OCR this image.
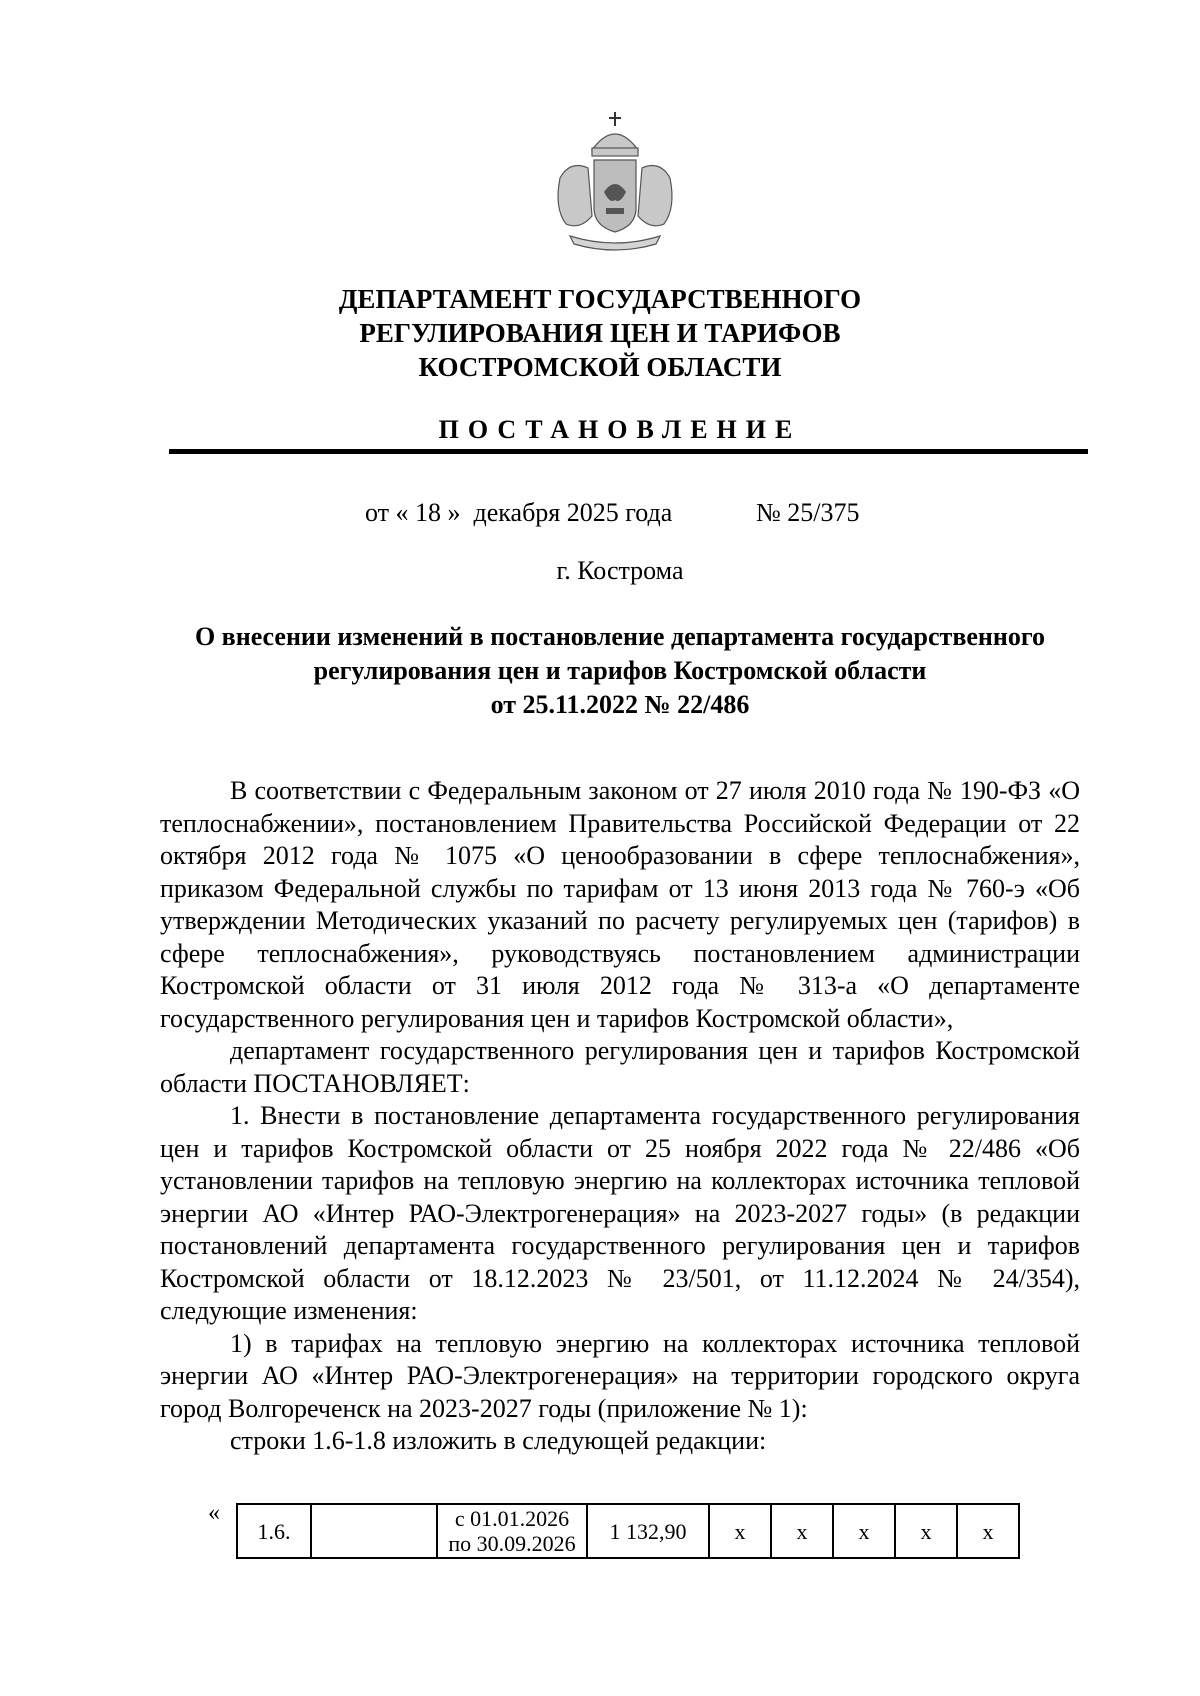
ДЕПАРТАМЕНТ ГОСУДАРСТВЕННОГО
РЕГУЛИРОВАНИЯ ЦЕН И ТАРИФОВ
КОСТРОМСКОЙ ОБЛАСТИ
ПОСТАНОВЛЕНИЕ
от « 18 »  декабря 2025 года	№ 25/375
г. Кострома
О внесении изменений в постановление департамента государственного
регулирования цен и тарифов Костромской области
от 25.11.2022 № 22/486

В соответствии с Федеральным законом от 27 июля 2010 года № 190-ФЗ «О теплоснабжении», постановлением Правительства Российской Федерации от 22 октября 2012 года № 1075 «О ценообразовании в сфере теплоснабжения», приказом Федеральной службы по тарифам от 13 июня 2013 года № 760-э «Об утверждении Методических указаний по расчету регулируемых цен (тарифов) в сфере теплоснабжения», руководствуясь постановлением администрации Костромской области от 31 июля 2012 года № 313-а «О департаменте государственного регулирования цен и тарифов Костромской области»,

департамент государственного регулирования цен и тарифов Костромской области ПОСТАНОВЛЯЕТ:

1. Внести в постановление департамента государственного регулирования цен и тарифов Костромской области от 25 ноября 2022 года № 22/486 «Об установлении тарифов на тепловую энергию на коллекторах источника тепловой энергии АО «Интер РАО-Электрогенерация» на 2023-2027 годы» (в редакции постановлений департамента государственного регулирования цен и тарифов Костромской области от 18.12.2023 № 23/501, от 11.12.2024 № 24/354), следующие изменения:

1) в тарифах на тепловую энергию на коллекторах источника тепловой энергии АО «Интер РАО-Электрогенерация» на территории городского округа город Волгореченск на 2023-2027 годы (приложение № 1):

строки 1.6-1.8 изложить в следующей редакции:

«
1.6.		с 01.01.2026
по 30.09.2026	1 132,90	x	x	x	x	x
